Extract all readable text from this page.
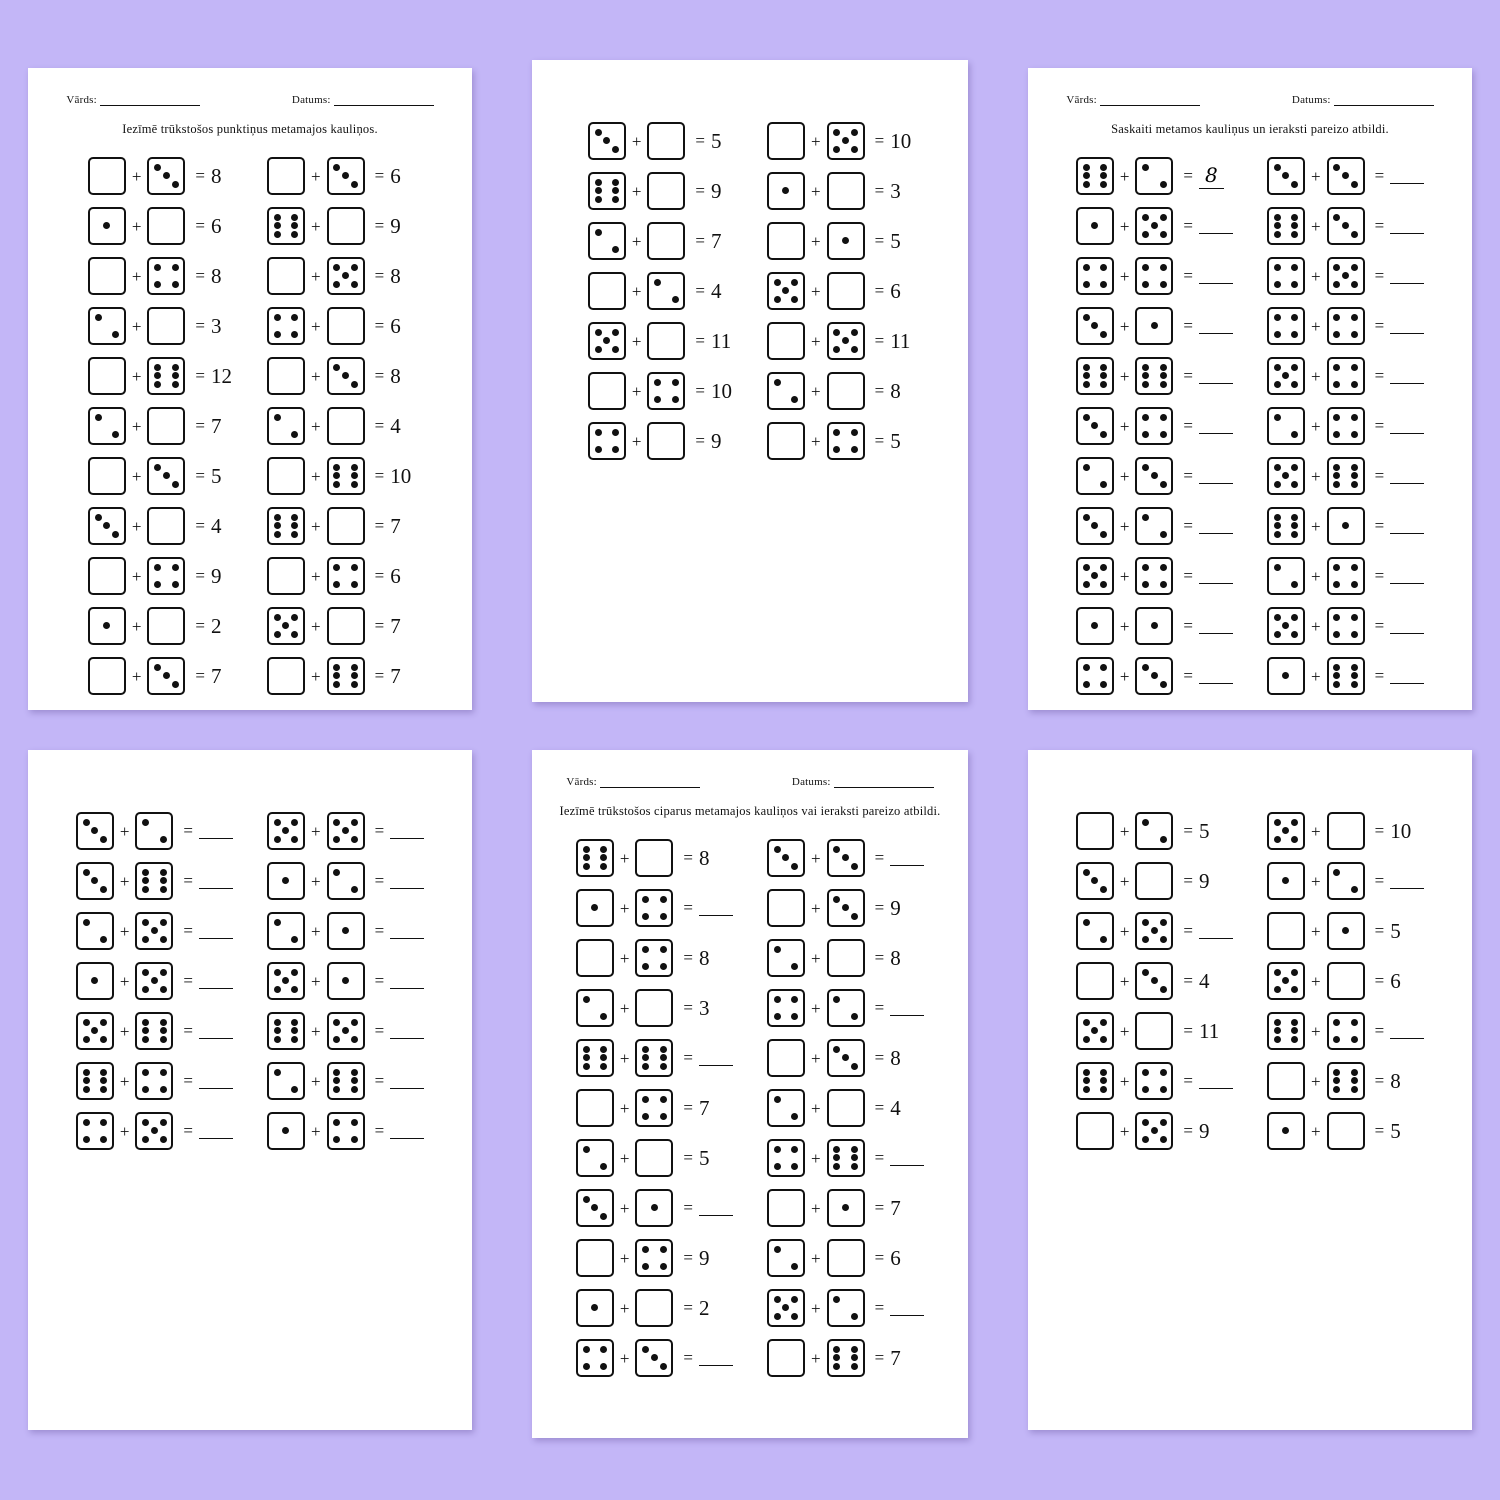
Vārds:	Datums:
Iezīmē trūkstošos punktiņus metamajos kauliņos.
+	= 8
+	= 6
+	= 8
+	= 3
+	= 12
+	= 7
+	= 5
+	= 4
+	= 9
+	= 2
+	= 7
+	= 6
+	= 9
+	= 8
+	= 6
+	= 8
+	= 4
+	= 10
+	= 7
+	= 6
+	= 7
+	= 7
+	= 5
+	= 9
+	= 7
+	= 4
+	= 11
+	= 10
+	= 9
+	= 10
+	= 3
+	= 5
+	= 6
+	= 11
+	= 8
+	= 5
Vārds:	Datums:
Saskaiti metamos kauliņus un ieraksti pareizo atbildi.
+	= 8
+	=
+	=
+	=
+	=
+	=
+	=
+	=
+	=
+	=
+	=
+	=
+	=
+	=
+	=
+	=
+	=
+	=
+	=
+	=
+	=
+	=
+	=
+	=
+	=
+	=
+	=
+	=
+	=
+	=
+	=
+	=
+	=
+	=
+	=
+	=
Vārds:	Datums:
Iezīmē trūkstošos ciparus metamajos kauliņos vai ieraksti pareizo atbildi.
+	= 8
+	=
+	= 8
+	= 3
+	=
+	= 7
+	= 5
+	=
+	= 9
+	= 2
+	=
+	=
+	= 9
+	= 8
+	=
+	= 8
+	= 4
+	=
+	= 7
+	= 6
+	=
+	= 7
+	= 5
+	= 9
+	=
+	= 4
+	= 11
+	=
+	= 9
+	= 10
+	=
+	= 5
+	= 6
+	=
+	= 8
+	= 5
